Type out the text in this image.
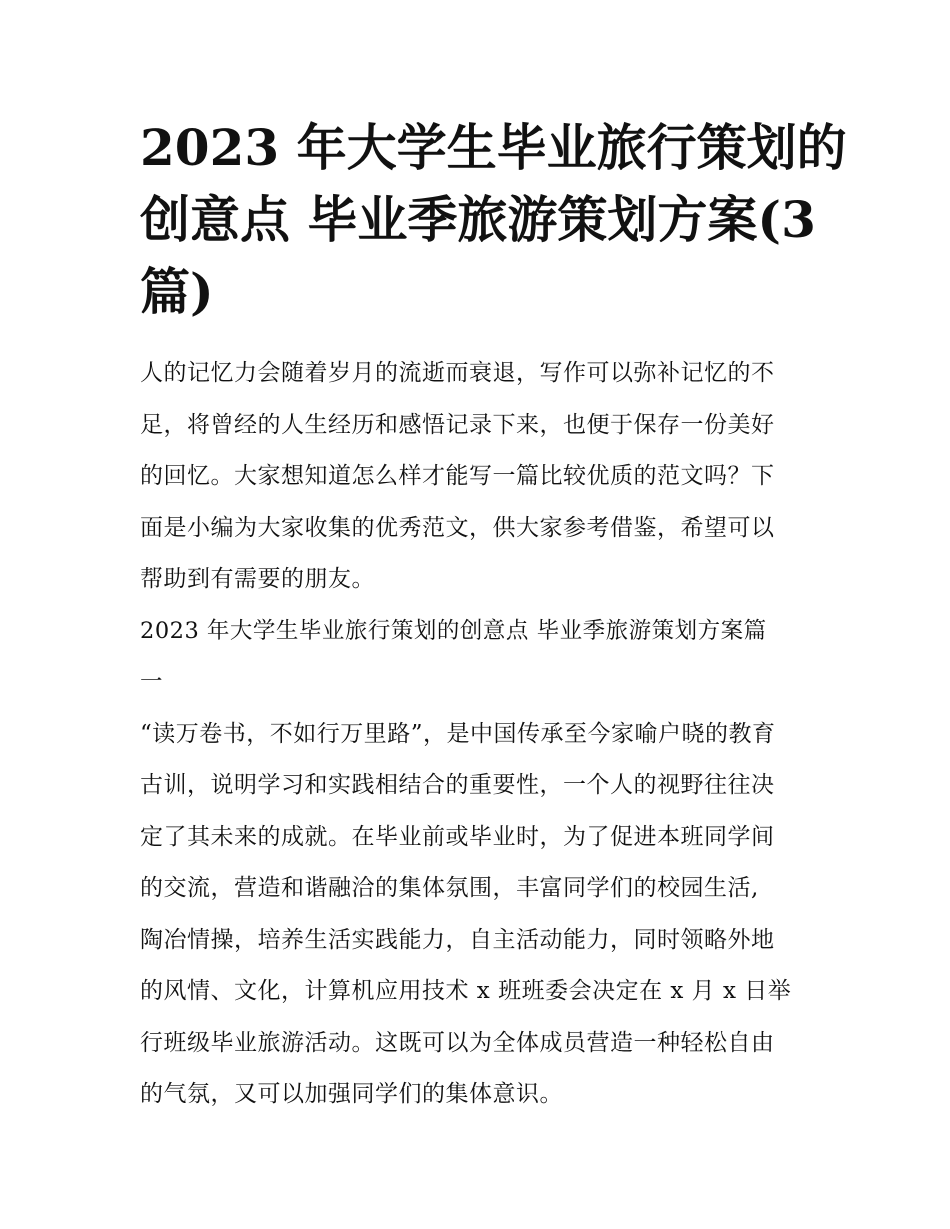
2023 年大学生毕业旅行策划的
创意点 毕业季旅游策划方案(3
篇)

人的记忆力会随着岁月的流逝而衰退，写作可以弥补记忆的不
足，将曾经的人生经历和感悟记录下来，也便于保存一份美好
的回忆。大家想知道怎么样才能写一篇比较优质的范文吗？下
面是小编为大家收集的优秀范文，供大家参考借鉴，希望可以
帮助到有需要的朋友。

2023 年大学生毕业旅行策划的创意点 毕业季旅游策划方案篇
一

“读万卷书，不如行万里路”，是中国传承至今家喻户晓的教育
古训，说明学习和实践相结合的重要性，一个人的视野往往决
定了其未来的成就。在毕业前或毕业时，为了促进本班同学间
的交流，营造和谐融洽的集体氛围，丰富同学们的校园生活,
陶冶情操，培养生活实践能力，自主活动能力，同时领略外地
的风情、文化，计算机应用技术 x 班班委会决定在 x 月 x 日举
行班级毕业旅游活动。这既可以为全体成员营造一种轻松自由
的气氛，又可以加强同学们的集体意识。
